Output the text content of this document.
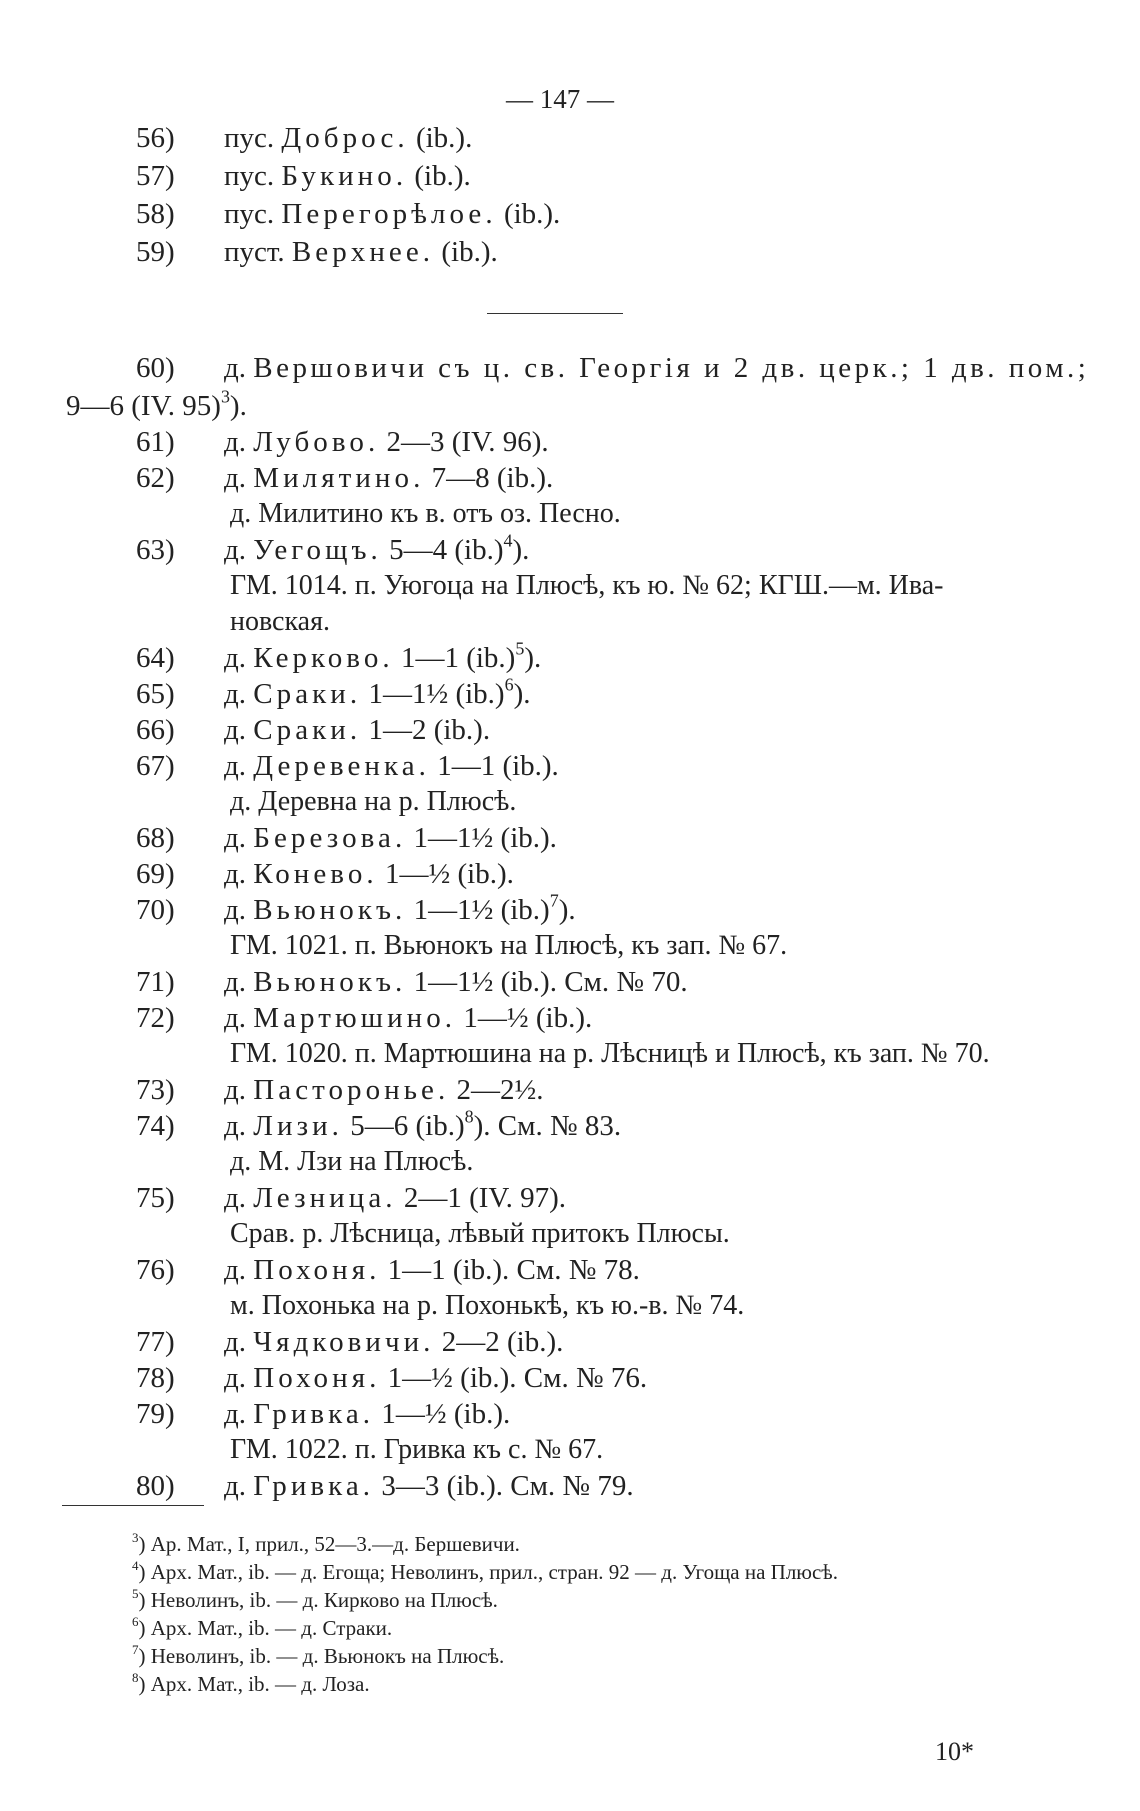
— 147 —
56) пус. Доброс. (ib.).
57) пус. Букино. (ib.).
58) пус. Перегорѣлое. (ib.).
59) пуст. Верхнее. (ib.).
60) д. Вершовичи съ ц. св. Георгія и 2 дв. церк.; 1 дв. пом.;
9—6 (IV. 95)$^3$).
61) д. Лубово. 2—3 (IV. 96).
62) д. Милятино. 7—8 (ib.).
д. Милитино къ в. отъ оз. Песно.
63) д. Уегощъ. 5—4 $(ib.)^4$).
ГМ. 1014. п. Уюгоца на Плюсѣ, къ ю. № 62; КГШ.—м. Ива-
новская.
64) д. Керково. 1—1 $(ib.)^5$).
65) д. Сраки. 1—1½ $(ib.)^6$).
66) д. Сраки. 1—2 (ib.).
67) д. Деревенка. 1—1 (ib.).
д. Деревна на р. Плюсѣ.
68) д. Березова. 1—1½ (ib.).
69) д. Конево. 1—½ (ib.).
70) д. Вьюнокъ. 1—1½ $(ib.)^7$).
ГМ. 1021. п. Вьюнокъ на Плюсѣ, къ зап. № 67.
71) д. Вьюнокъ. 1—1½ (ib.). См. № 70.
72) д. Мартюшино. 1—½ (ib.).
ГМ. 1020. п. Мартюшина на р. Лѣсницѣ и Плюсѣ, къ зап. № 70.
73) д. Пасторонье. 2—2½.
74) д. Лизи. 5—6 $(ib.)^8$). См. № 83.
д. М. Лзи на Плюсѣ.
75) д. Лезница. 2—1 (IV. 97).
Срав. р. Лѣсница, лѣвый притокъ Плюсы.
76) д. Похоня. 1—1 (ib.). См. № 78.
м. Похонька на р. Похонькѣ, къ ю.-в. № 74.
77) д. Чядковичи. 2—2 (ib.).
78) д. Похоня. 1—½ (ib.). См. № 76.
79) д. Гривка. 1—½ (ib.).
ГМ. 1022. п. Гривка къ с. № 67.
80) д. Гривка. 3—3 (ib.). См. № 79.
$^3$) Ар. Мат., I, прил., 52—3.—д. Бершевичи.
$^4$) Арх. Мат., ib. — д. Егоща; Неволинъ, прил., стран. 92 — д. Угоща на Плюсѣ.
$^5$) Неволинъ, ib. — д. Кирково на Плюсѣ.
$^6$) Арх. Мат., ib. — д. Страки.
$^7$) Неволинъ, ib. — д. Вьюнокъ на Плюсѣ.
$^8$) Арх. Мат., ib. — д. Лоза.
10*
